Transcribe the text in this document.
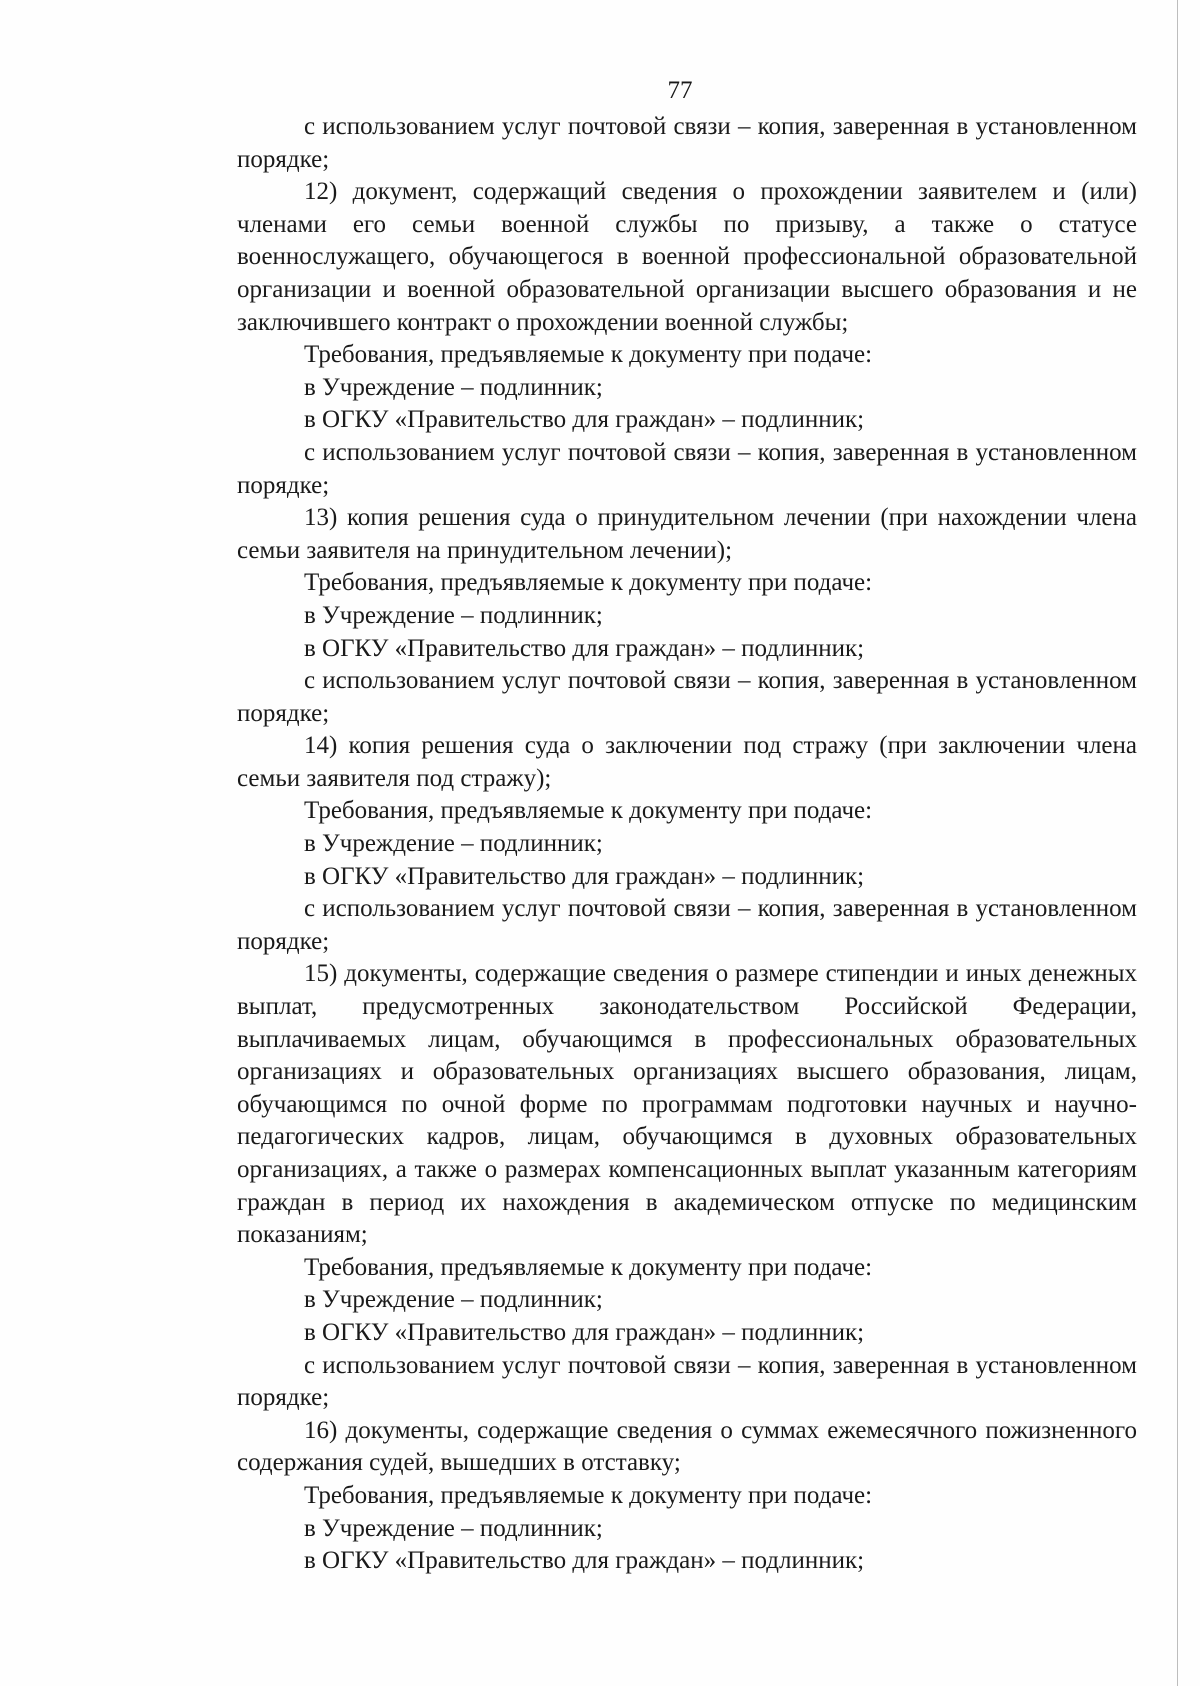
77

с использованием услуг почтовой связи – копия, заверенная в установленном порядке;

12) документ, содержащий сведения о прохождении заявителем и (или) членами его семьи военной службы по призыву, а также о статусе военнослужащего, обучающегося в военной профессиональной образовательной организации и военной образовательной организации высшего образования и не заключившего контракт о прохождении военной службы;

Требования, предъявляемые к документу при подаче:

в Учреждение – подлинник;

в ОГКУ «Правительство для граждан» – подлинник;

с использованием услуг почтовой связи – копия, заверенная в установленном порядке;

13) копия решения суда о принудительном лечении (при нахождении члена семьи заявителя на принудительном лечении);

Требования, предъявляемые к документу при подаче:

в Учреждение – подлинник;

в ОГКУ «Правительство для граждан» – подлинник;

с использованием услуг почтовой связи – копия, заверенная в установленном порядке;

14) копия решения суда о заключении под стражу (при заключении члена семьи заявителя под стражу);

Требования, предъявляемые к документу при подаче:

в Учреждение – подлинник;

в ОГКУ «Правительство для граждан» – подлинник;

с использованием услуг почтовой связи – копия, заверенная в установленном порядке;

15) документы, содержащие сведения о размере стипендии и иных денежных выплат, предусмотренных законодательством Российской Федерации, выплачиваемых лицам, обучающимся в профессиональных образовательных организациях и образовательных организациях высшего образования, лицам, обучающимся по очной форме по программам подготовки научных и научно-педагогических кадров, лицам, обучающимся в духовных образовательных организациях, а также о размерах компенсационных выплат указанным категориям граждан в период их нахождения в академическом отпуске по медицинским показаниям;

Требования, предъявляемые к документу при подаче:

в Учреждение – подлинник;

в ОГКУ «Правительство для граждан» – подлинник;

с использованием услуг почтовой связи – копия, заверенная в установленном порядке;

16) документы, содержащие сведения о суммах ежемесячного пожизненного содержания судей, вышедших в отставку;

Требования, предъявляемые к документу при подаче:

в Учреждение – подлинник;

в ОГКУ «Правительство для граждан» – подлинник;
